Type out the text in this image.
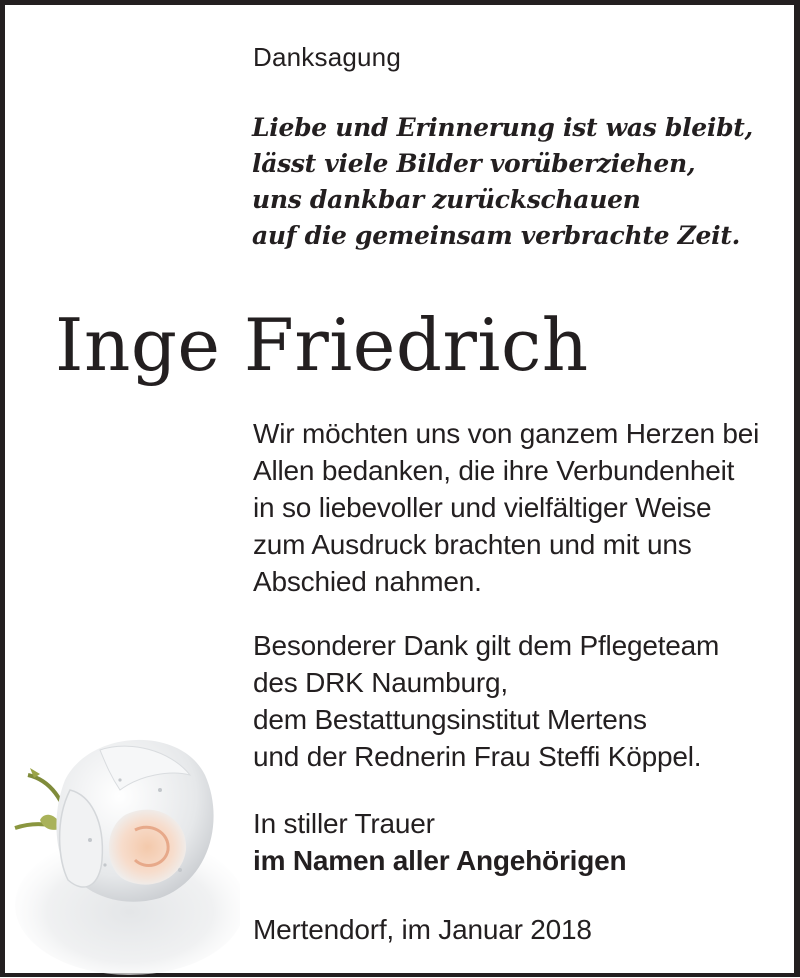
Danksagung
Liebe und Erinnerung ist was bleibt,
lässt viele Bilder vorüberziehen,
uns dankbar zurückschauen
auf die gemeinsam verbrachte Zeit.
Inge Friedrich
Wir möchten uns von ganzem Herzen bei
Allen bedanken, die ihre Verbundenheit
in so liebevoller und vielfältiger Weise
zum Ausdruck brachten und mit uns
Abschied nahmen.
Besonderer Dank gilt dem Pflegeteam
des DRK Naumburg,
dem Bestattungsinstitut Mertens
und der Rednerin Frau Steffi Köppel.
In stiller Trauer
im Namen aller Angehörigen
Mertendorf, im Januar 2018
